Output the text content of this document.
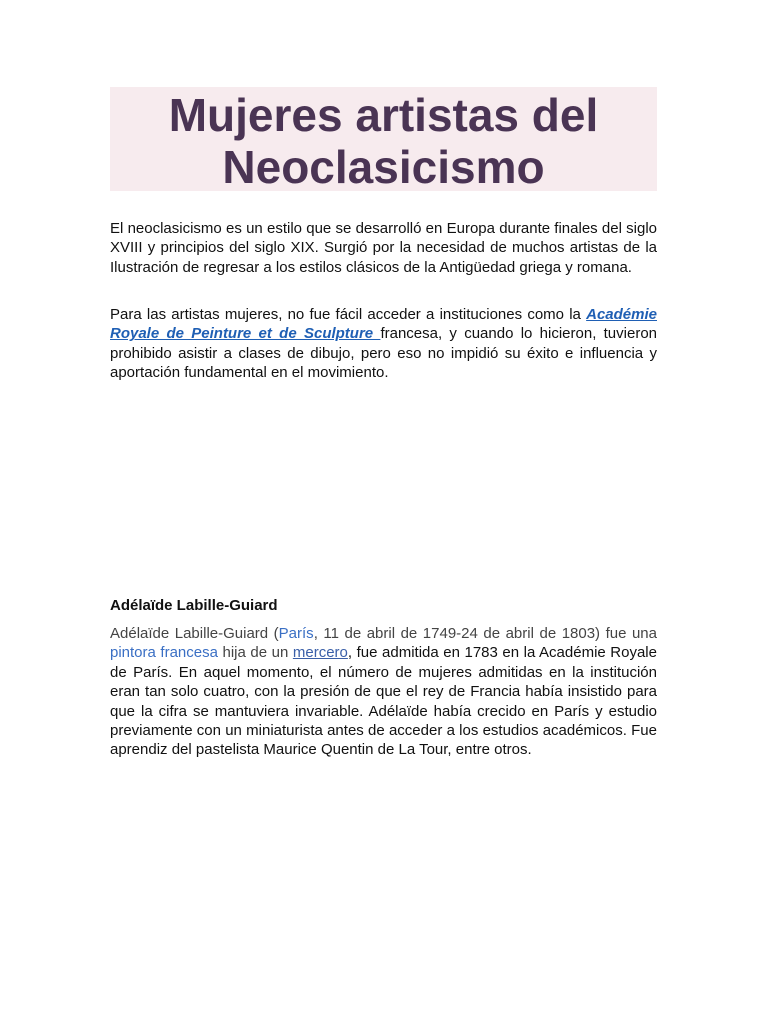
Mujeres artistas del Neoclasicismo

El neoclasicismo es un estilo que se desarrolló en Europa durante finales del siglo XVIII y principios del siglo XIX. Surgió por la necesidad de muchos artistas de la Ilustración de regresar a los estilos clásicos de la Antigüedad griega y romana.

Para las artistas mujeres, no fue fácil acceder a instituciones como la Académie Royale de Peinture et de Sculpture francesa, y cuando lo hicieron, tuvieron prohibido asistir a clases de dibujo, pero eso no impidió su éxito e influencia y aportación fundamental en el movimiento.

Adélaïde Labille-Guiard

Adélaïde Labille-Guiard (París, 11 de abril de 1749-24 de abril de 1803) fue una pintora francesa hija de un mercero, fue admitida en 1783 en la Académie Royale de París. En aquel momento, el número de mujeres admitidas en la institución eran tan solo cuatro, con la presión de que el rey de Francia había insistido para que la cifra se mantuviera invariable. Adélaïde había crecido en París y estudio previamente con un miniaturista antes de acceder a los estudios académicos. Fue aprendiz del pastelista Maurice Quentin de La Tour, entre otros.
